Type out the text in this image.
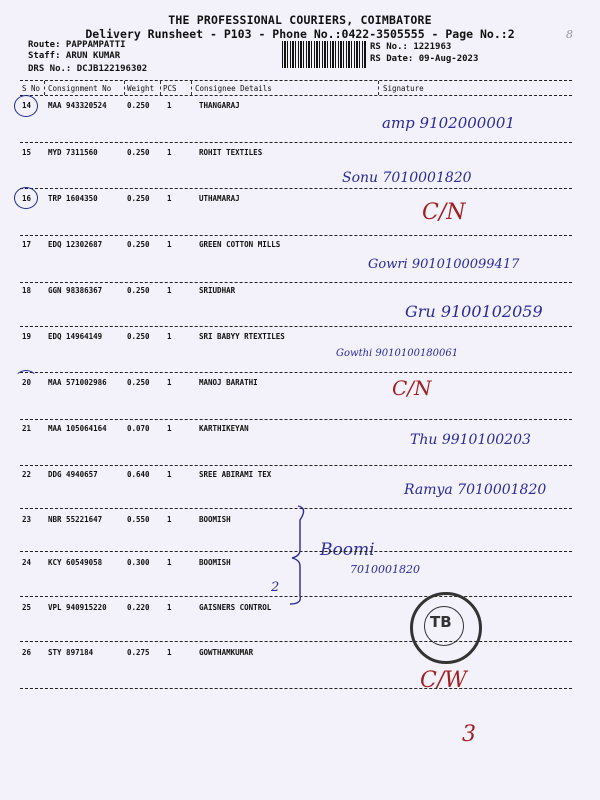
THE PROFESSIONAL COURIERS, COIMBATORE
Delivery Runsheet - P103 - Phone No.:0422-3505555 - Page No.:2	8
Route: PAPPAMPATTI
Staff: ARUN KUMAR
DRS No.: DCJB122196302
RS No.: 1221963
RS Date: 09-Aug-2023
S No Consignment No Weight PCS Consignee Details	Signature
14 MAA 943320524	0.250 1	THANGARAJ
amp 9102000001
15 MYD 7311560	0.250 1	ROHIT TEXTILES
Sonu 7010001820
16 TRP 1604350	0.250 1	UTHAMARAJ
C/N
17 EDQ 12302687	0.250 1	GREEN COTTON MILLS
Gowri 9010100099417
18 GGN 98386367	0.250 1	SRIUDHAR
Gru 9100102059
19 EDQ 14964149	0.250 1	SRI BABYY RTEXTILES
Gowthi 9010100180061
20 MAA 571002986	0.250 1	MANOJ BARATHI	C/N
21 MAA 105064164	0.070 1	KARTHIKEYAN
Thu 9910100203
22 DDG 4940657	0.640 1	SREE ABIRAMI TEX
Ramya 7010001820
23 NBR 55221647	0.550 1	BOOMISH
Boomi
24 KCY 60549058	0.300 1	BOOMISH
7010001820
25 VPL 940915220	0.220 1	GAISNERS CONTROL
26 STY 897184	0.275 1	GOWTHAMKUMAR
C/W
2
TB
3
